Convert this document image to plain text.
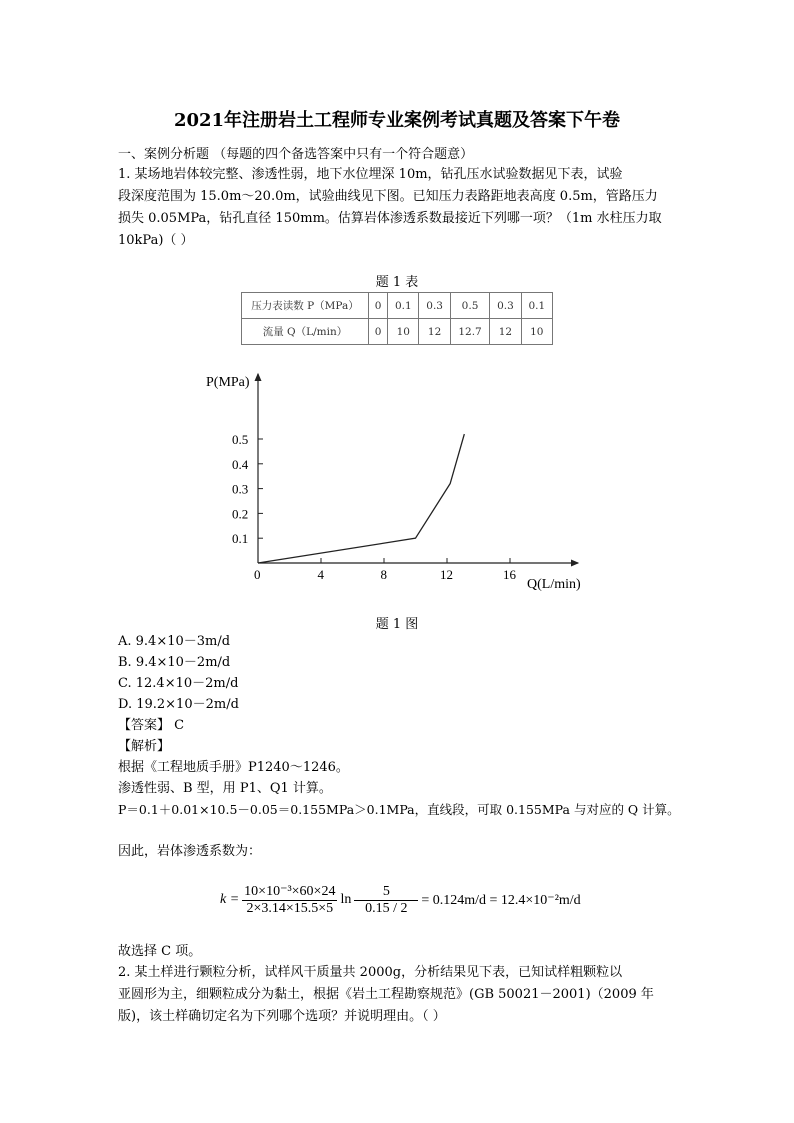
2021年注册岩土工程师专业案例考试真题及答案下午卷
一、案例分析题 （每题的四个备选答案中只有一个符合题意）
1. 某场地岩体较完整、渗透性弱，地下水位埋深 10m，钻孔压水试验数据见下表，试验
段深度范围为 15.0m～20.0m，试验曲线见下图。已知压力表路距地表高度 0.5m，管路压力
损失 0.05MPa，钻孔直径 150mm。估算岩体渗透系数最接近下列哪一项？（1m 水柱压力取
10kPa)（ ）
题 1 表
压力表读数 P（MPa）	0	0.1	0.3	0.5	0.3	0.1
流量 Q（L/min）	0	10	12	12.7	12	10
P(MPa)
Q(L/min)
0	4	8	12	16
0.1
0.2
0.3
0.4
0.5
题 1 图
A. 9.4×10－3m/d
B. 9.4×10－2m/d
C. 12.4×10－2m/d
D. 19.2×10－2m/d
【答案】 C
【解析】
根据《工程地质手册》P1240～1246。
渗透性弱、B 型，用 P1、Q1 计算。
P＝0.1＋0.01×10.5－0.05＝0.155MPa＞0.1MPa，直线段，可取 0.155MPa 与对应的 Q 计算。
因此，岩体渗透系数为：
$k = \frac{\text{10×10⁻³×60×24}}{2\times 3.14\times 15.5\times 5}$ $\ln \frac{5}{0.15 / 2} = 0.124m/d = 12.4\times 10^{-2}m/d$
故选择 C 项。
2. 某土样进行颗粒分析，试样风干质量共 2000g，分析结果见下表，已知试样粗颗粒以
亚圆形为主，细颗粒成分为黏土，根据《岩土工程勘察规范》(GB 50021－2001)（2009 年
版)，该土样确切定名为下列哪个选项？并说明理由。（ ）
